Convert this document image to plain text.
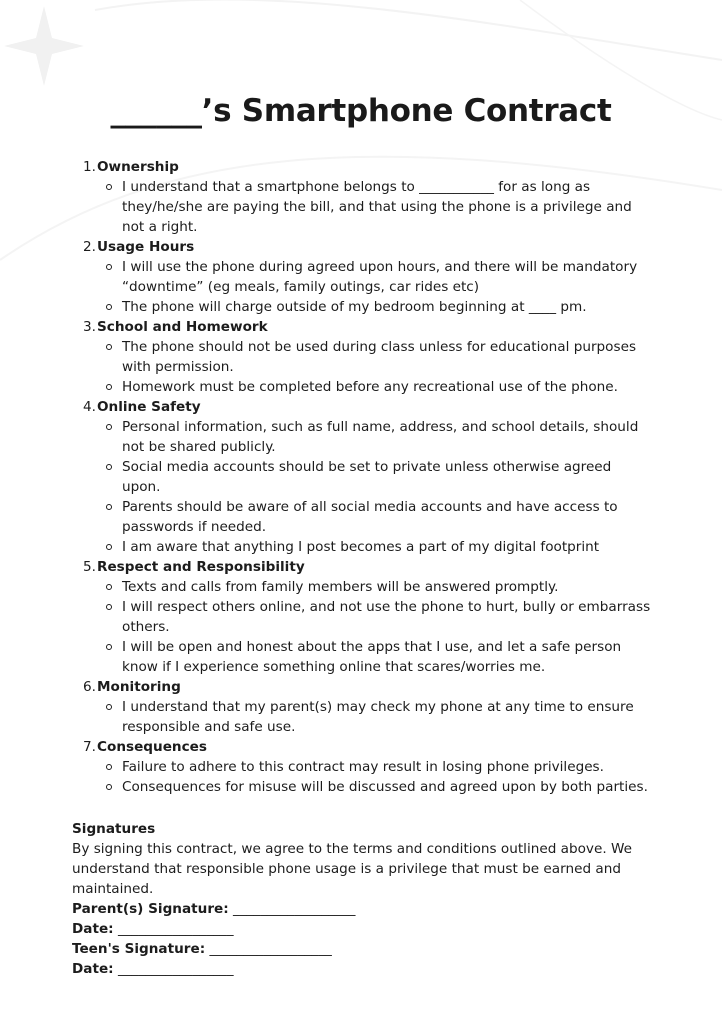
______’s Smartphone Contract
1. Ownership
I understand that a smartphone belongs to ___________ for as long as they/he/she are paying the bill, and that using the phone is a privilege and not a right.
2. Usage Hours
I will use the phone during agreed upon hours, and there will be mandatory “downtime” (eg meals, family outings, car rides etc)
The phone will charge outside of my bedroom beginning at ____ pm.
3. School and Homework
The phone should not be used during class unless for educational purposes with permission.
Homework must be completed before any recreational use of the phone.
4. Online Safety
Personal information, such as full name, address, and school details, should not be shared publicly.
Social media accounts should be set to private unless otherwise agreed upon.
Parents should be aware of all social media accounts and have access to passwords if needed.
I am aware that anything I post becomes a part of my digital footprint
5. Respect and Responsibility
Texts and calls from family members will be answered promptly.
I will respect others online, and not use the phone to hurt, bully or embarrass others.
I will be open and honest about the apps that I use, and let a safe person know if I experience something online that scares/worries me.
6. Monitoring
I understand that my parent(s) may check my phone at any time to ensure responsible and safe use.
7. Consequences
Failure to adhere to this contract may result in losing phone privileges.
Consequences for misuse will be discussed and agreed upon by both parties.
Signatures

By signing this contract, we agree to the terms and conditions outlined above. We understand that responsible phone usage is a privilege that must be earned and maintained.

Parent(s) Signature: __________________
Date: _________________
Teen's Signature: __________________
Date: _________________
